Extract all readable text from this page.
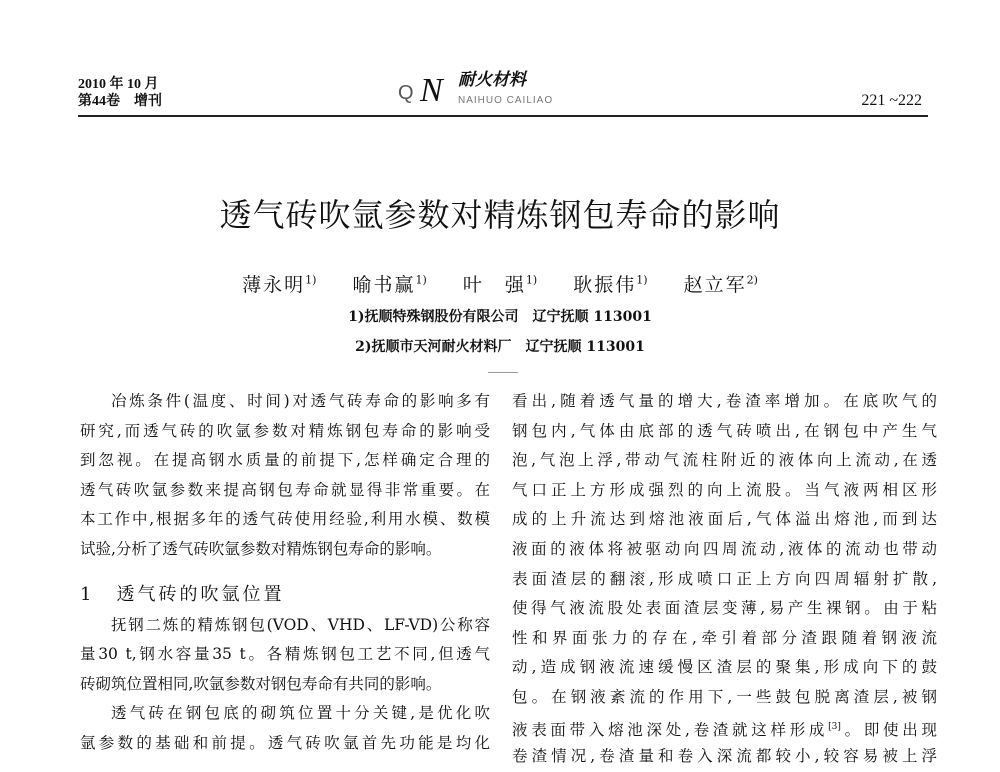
2010 年 10 月
第44卷　增刊	Q N 耐火材料
NAIHUO CAILIAO	221 ~222
透气砖吹氩参数对精炼钢包寿命的影响
薄永明$^{1)}$ 喻书赢$^{1)}$ 叶　强$^{1)}$ 耿振伟$^{1)}$ 赵立军$^{2)}$
1)抚顺特殊钢股份有限公司　辽宁抚顺 113001
2)抚顺市天河耐火材料厂　辽宁抚顺 113001
冶炼条件(温度、时间)对透气砖寿命的影响多有
研究,而透气砖的吹氩参数对精炼钢包寿命的影响受
到忽视。在提高钢水质量的前提下,怎样确定合理的
透气砖吹氩参数来提高钢包寿命就显得非常重要。在
本工作中,根据多年的透气砖使用经验,利用水模、数模
试验,分析了透气砖吹氩参数对精炼钢包寿命的影响。
1 透气砖的吹氩位置
抚钢二炼的精炼钢包(VOD、VHD、LF-VD)公称容
量30 t,钢水容量35 t。各精炼钢包工艺不同,但透气
砖砌筑位置相同,吹氩参数对钢包寿命有共同的影响。
透气砖在钢包底的砌筑位置十分关键,是优化吹
氩参数的基础和前提。透气砖吹氩首先功能是均化
看出,随着透气量的增大,卷渣率增加。在底吹气的
钢包内,气体由底部的透气砖喷出,在钢包中产生气
泡,气泡上浮,带动气流柱附近的液体向上流动,在透
气口正上方形成强烈的向上流股。当气液两相区形
成的上升流达到熔池液面后,气体溢出熔池,而到达
液面的液体将被驱动向四周流动,液体的流动也带动
表面渣层的翻滚,形成喷口正上方向四周辐射扩散,
使得气液流股处表面渣层变薄,易产生裸钢。由于粘
性和界面张力的存在,牵引着部分渣跟随着钢液流
动,造成钢液流速缓慢区渣层的聚集,形成向下的鼓
包。在钢液紊流的作用下,一些鼓包脱离渣层,被钢
液表面带入熔池深处,卷渣就这样形成[3]。即使出现
卷渣情况,卷渣量和卷入深流都较小,较容易被上浮
